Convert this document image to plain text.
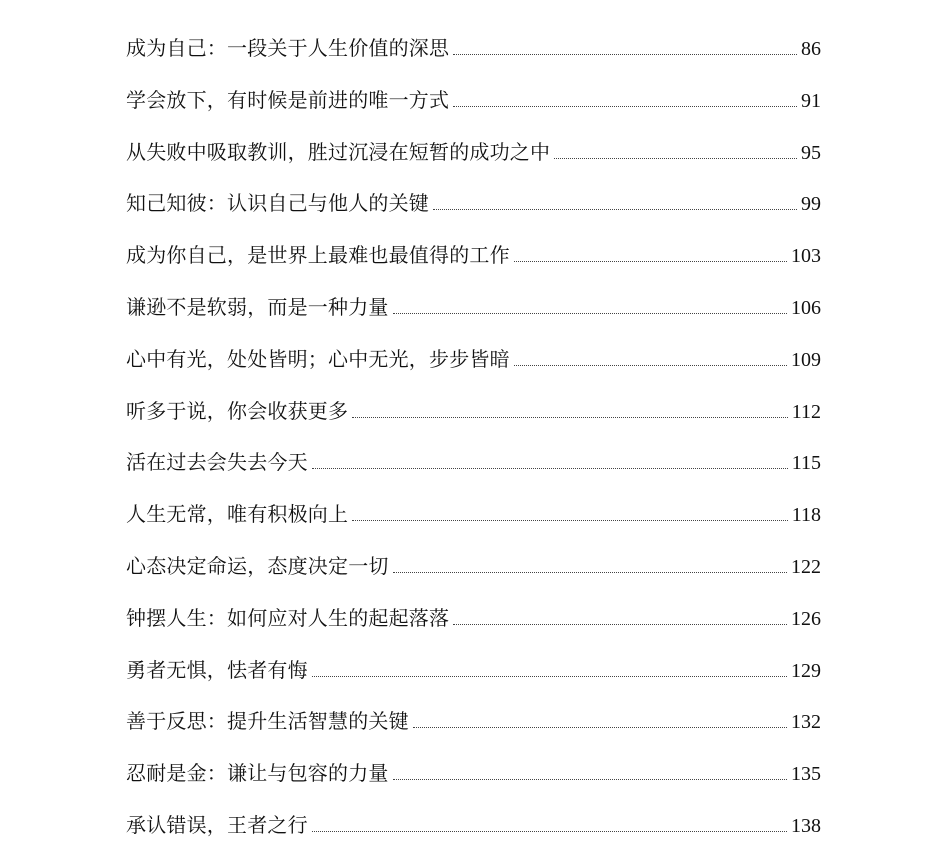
成为自己：一段关于人生价值的深思	86
学会放下，有时候是前进的唯一方式	91
从失败中吸取教训，胜过沉浸在短暂的成功之中	95
知己知彼：认识自己与他人的关键	99
成为你自己，是世界上最难也最值得的工作	103
谦逊不是软弱，而是一种力量	106
心中有光，处处皆明；心中无光，步步皆暗	109
听多于说，你会收获更多	112
活在过去会失去今天	115
人生无常，唯有积极向上	118
心态决定命运，态度决定一切	122
钟摆人生：如何应对人生的起起落落	126
勇者无惧，怯者有悔	129
善于反思：提升生活智慧的关键	132
忍耐是金：谦让与包容的力量	135
承认错误，王者之行	138
